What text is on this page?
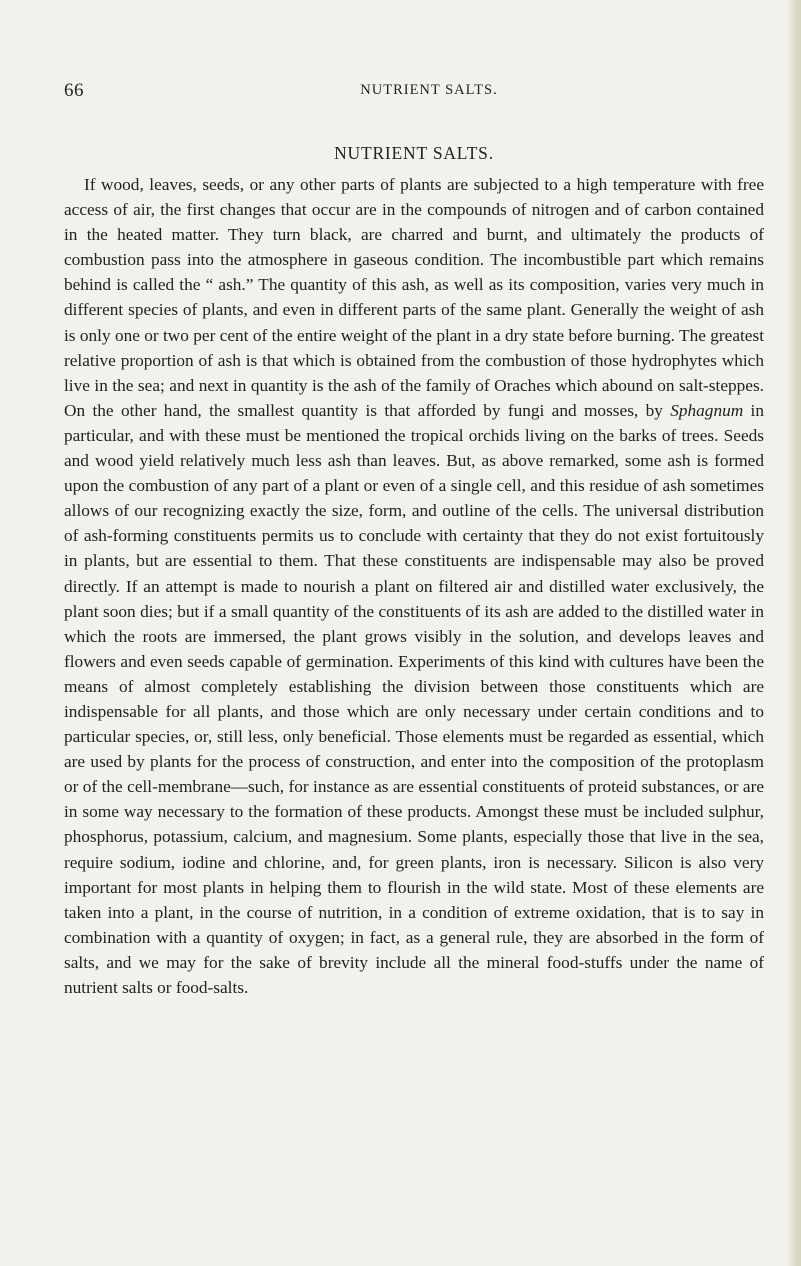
66	NUTRIENT SALTS.
NUTRIENT SALTS.

If wood, leaves, seeds, or any other parts of plants are subjected to a high temperature with free access of air, the first changes that occur are in the compounds of nitrogen and of carbon contained in the heated matter. They turn black, are charred and burnt, and ultimately the products of combustion pass into the atmosphere in gaseous condition. The incombustible part which remains behind is called the “ ash.” The quantity of this ash, as well as its composition, varies very much in different species of plants, and even in different parts of the same plant. Generally the weight of ash is only one or two per cent of the entire weight of the plant in a dry state before burning. The greatest relative proportion of ash is that which is obtained from the combustion of those hydrophytes which live in the sea; and next in quantity is the ash of the family of Oraches which abound on salt-steppes. On the other hand, the smallest quantity is that afforded by fungi and mosses, by Sphagnum in particular, and with these must be mentioned the tropical orchids living on the barks of trees. Seeds and wood yield relatively much less ash than leaves. But, as above remarked, some ash is formed upon the combustion of any part of a plant or even of a single cell, and this residue of ash sometimes allows of our recognizing exactly the size, form, and outline of the cells. The universal distribution of ash-forming constituents permits us to conclude with certainty that they do not exist fortuitously in plants, but are essential to them. That these constituents are indispensable may also be proved directly. If an attempt is made to nourish a plant on filtered air and distilled water exclusively, the plant soon dies; but if a small quantity of the constituents of its ash are added to the distilled water in which the roots are immersed, the plant grows visibly in the solution, and develops leaves and flowers and even seeds capable of germination. Experiments of this kind with cultures have been the means of almost completely establishing the division between those constituents which are indispensable for all plants, and those which are only necessary under certain conditions and to particular species, or, still less, only beneficial. Those elements must be regarded as essential, which are used by plants for the process of construction, and enter into the composition of the protoplasm or of the cell-membrane—such, for instance as are essential constituents of proteid substances, or are in some way necessary to the formation of these products. Amongst these must be included sulphur, phosphorus, potassium, calcium, and magnesium. Some plants, especially those that live in the sea, require sodium, iodine and chlorine, and, for green plants, iron is necessary. Silicon is also very important for most plants in helping them to flourish in the wild state. Most of these elements are taken into a plant, in the course of nutrition, in a condition of extreme oxidation, that is to say in combination with a quantity of oxygen; in fact, as a general rule, they are absorbed in the form of salts, and we may for the sake of brevity include all the mineral food-stuffs under the name of nutrient salts or food-salts.
